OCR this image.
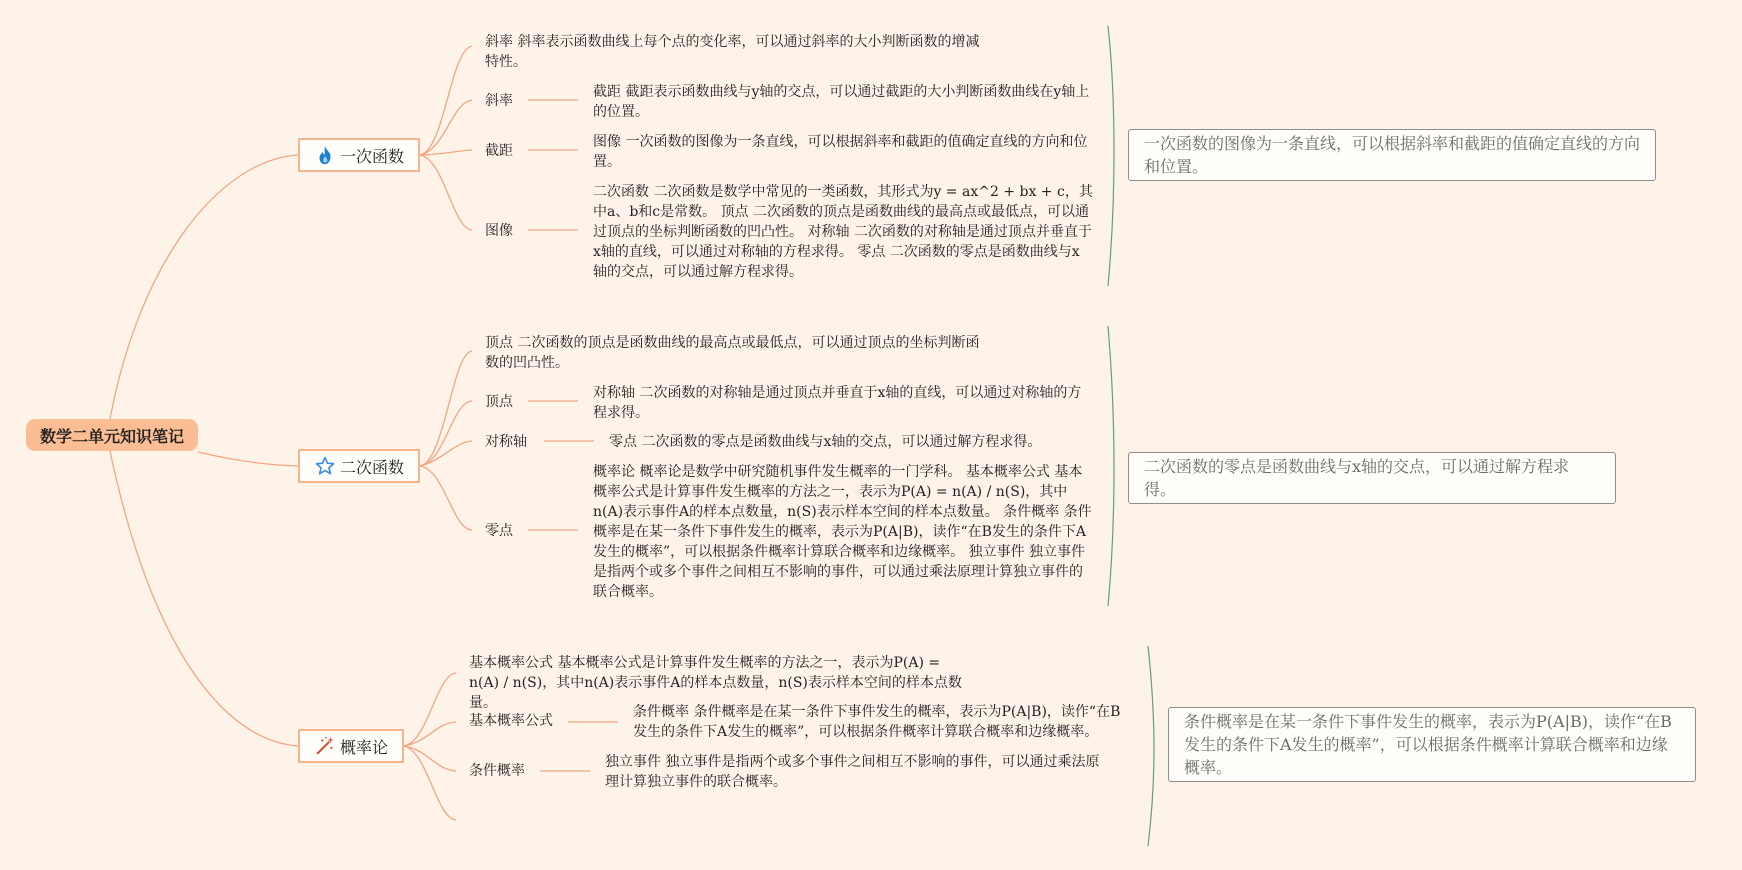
数学二单元知识笔记
一次函数
斜率 斜率表示函数曲线上每个点的变化率，可以通过斜率的大小判断函数的增减特性。
斜率
截距 截距表示函数曲线与y轴的交点，可以通过截距的大小判断函数曲线在y轴上的位置。
截距
图像 一次函数的图像为一条直线，可以根据斜率和截距的值确定直线的方向和位置。
图像
二次函数 二次函数是数学中常见的一类函数，其形式为y = ax^2 + bx + c，其中a、b和c是常数。 顶点 二次函数的顶点是函数曲线的最高点或最低点，可以通过顶点的坐标判断函数的凹凸性。 对称轴 二次函数的对称轴是通过顶点并垂直于x轴的直线，可以通过对称轴的方程求得。 零点 二次函数的零点是函数曲线与x轴的交点，可以通过解方程求得。
一次函数的图像为一条直线，可以根据斜率和截距的值确定直线的方向和位置。
二次函数
顶点 二次函数的顶点是函数曲线的最高点或最低点，可以通过顶点的坐标判断函数的凹凸性。
顶点
对称轴 二次函数的对称轴是通过顶点并垂直于x轴的直线，可以通过对称轴的方程求得。
对称轴	零点 二次函数的零点是函数曲线与x轴的交点，可以通过解方程求得。
零点
概率论 概率论是数学中研究随机事件发生概率的一门学科。 基本概率公式 基本概率公式是计算事件发生概率的方法之一，表示为P(A) = n(A) / n(S)，其中n(A)表示事件A的样本点数量，n(S)表示样本空间的样本点数量。 条件概率 条件概率是在某一条件下事件发生的概率，表示为P(A|B)，读作“在B发生的条件下A发生的概率”，可以根据条件概率计算联合概率和边缘概率。 独立事件 独立事件是指两个或多个事件之间相互不影响的事件，可以通过乘法原理计算独立事件的联合概率。
二次函数的零点是函数曲线与x轴的交点，可以通过解方程求得。
概率论
基本概率公式 基本概率公式是计算事件发生概率的方法之一，表示为P(A) = n(A) / n(S)，其中n(A)表示事件A的样本点数量，n(S)表示样本空间的样本点数量。
基本概率公式
条件概率 条件概率是在某一条件下事件发生的概率，表示为P(A|B)，读作“在B发生的条件下A发生的概率”，可以根据条件概率计算联合概率和边缘概率。
条件概率
独立事件 独立事件是指两个或多个事件之间相互不影响的事件，可以通过乘法原理计算独立事件的联合概率。
条件概率是在某一条件下事件发生的概率，表示为P(A|B)，读作“在B发生的条件下A发生的概率”，可以根据条件概率计算联合概率和边缘概率。
